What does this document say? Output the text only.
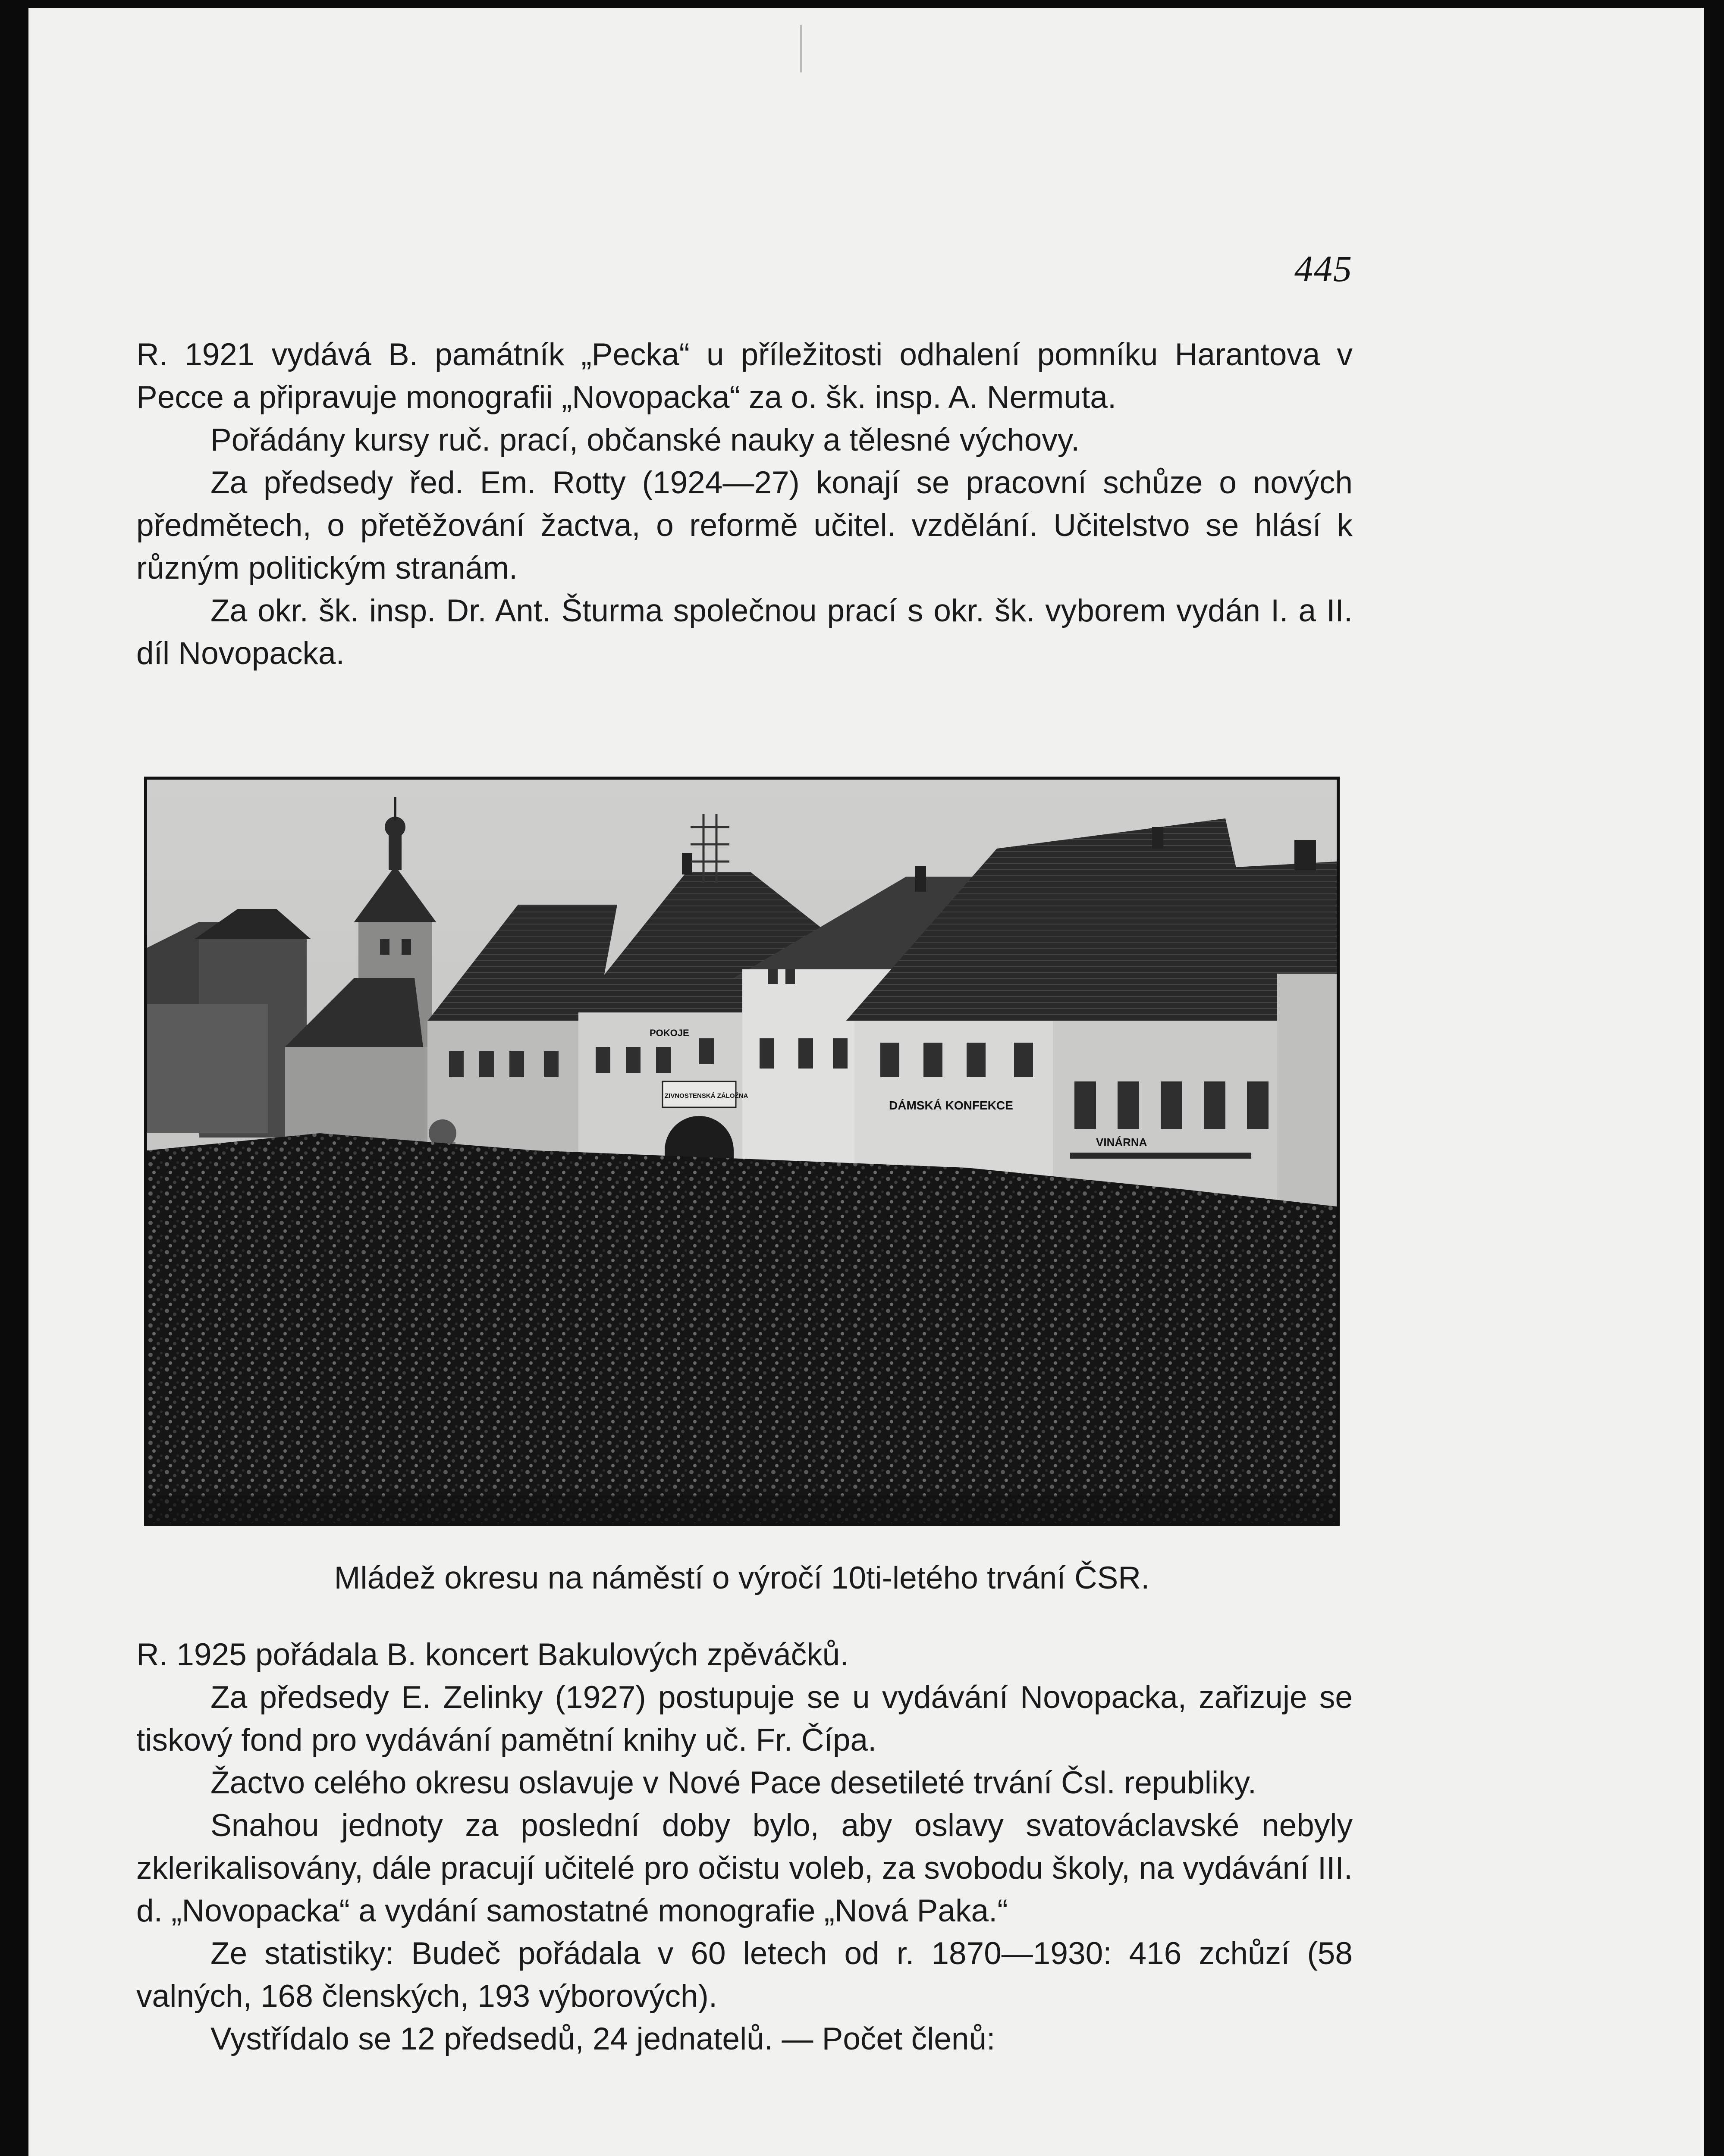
445

R. 1921 vydává B. památník „Pecka“ u příležitosti odhalení pomníku Harantova v Pecce a připravuje monografii „Novopacka“ za o. šk. insp. A. Nermuta.

Pořádány kursy ruč. prací, občanské nauky a tělesné výchovy.

Za předsedy řed. Em. Rotty (1924—27) konají se pracovní schůze o nových předmětech, o přetěžování žactva, o reformě učitel. vzdělání. Učitelstvo se hlásí k různým politickým stranám.

Za okr. šk. insp. Dr. Ant. Šturma společnou prací s okr. šk. vyborem vydán I. a II. díl Novopacka.

POKOJE
ZIVNOSTENSKÁ ZÁLOŽNA
DÁMSKÁ KONFEKCE
VINÁRNA
Mládež okresu na náměstí o výročí 10ti-letého trvání ČSR.

R. 1925 pořádala B. koncert Bakulových zpěváčků.

Za předsedy E. Zelinky (1927) postupuje se u vydávání Novopacka, zařizuje se tiskový fond pro vydávání pamětní knihy uč. Fr. Čípa.

Žactvo celého okresu oslavuje v Nové Pace desetileté trvání Čsl. republiky.

Snahou jednoty za poslední doby bylo, aby oslavy svatováclavské nebyly zklerikalisovány, dále pracují učitelé pro očistu voleb, za svobodu školy, na vydávání III. d. „Novopacka“ a vydání samostatné monografie „Nová Paka.“

Ze statistiky: Budeč pořádala v 60 letech od r. 1870—1930: 416 zchůzí (58 valných, 168 členských, 193 výborových).

Vystřídalo se 12 předsedů, 24 jednatelů. — Počet členů:
